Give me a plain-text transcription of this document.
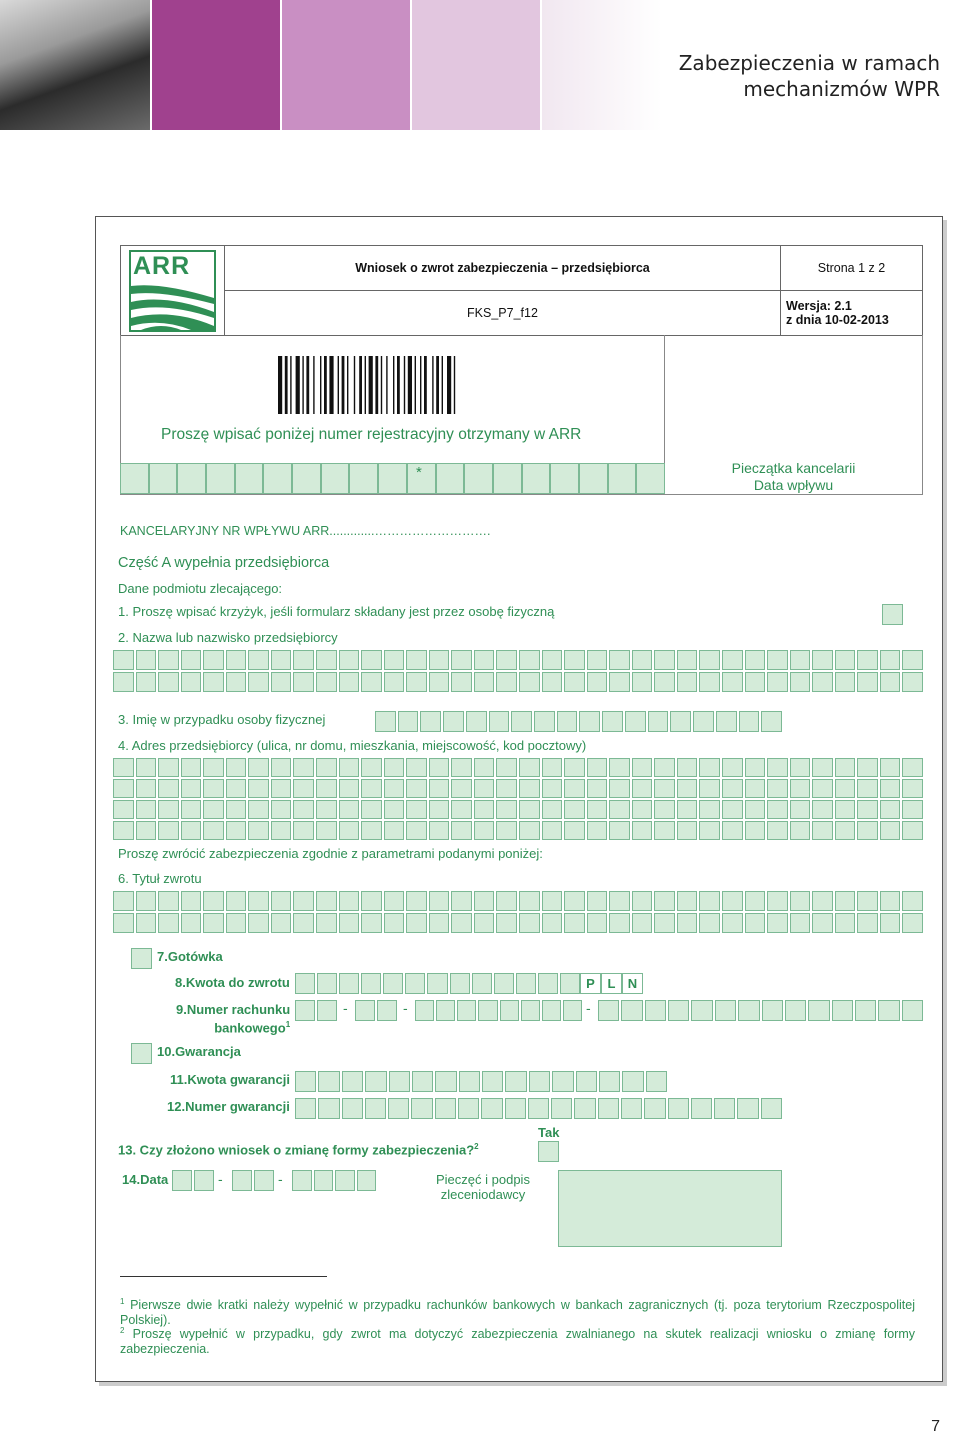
Zabezpieczenia w ramach
mechanizmów WPR
ARR	Wniosek o zwrot zabezpieczenia – przedsiębiorca	Strona 1 z 2
FKS_P7_f12	Wersja: 2.1
z dnia 10-02-2013
Proszę wpisać poniżej numer rejestracyjny otrzymany w ARR
*	Pieczątka kancelarii
Data wpływu
KANCELARYJNY NR WPŁYWU ARR.............……………………….
Część A wypełnia przedsiębiorca
Dane podmiotu zlecającego:
1. Proszę wpisać krzyżyk, jeśli formularz składany jest przez osobę fizyczną
2. Nazwa lub nazwisko przedsiębiorcy
3. Imię w przypadku osoby fizycznej
4. Adres przedsiębiorcy (ulica, nr domu, mieszkania, miejscowość, kod pocztowy)
Proszę zwrócić zabezpieczenia zgodnie z parametrami podanymi poniżej:
6. Tytuł zwrotu
7.Gotówka
8.Kwota do zwrotu	P L N
9.Numer rachunku
bankowego$^1$
-	-	-
10.Gwarancja
11.Kwota gwarancji
12.Numer gwarancji
Tak
13. Czy złożono wniosek o zmianę formy zabezpieczenia?$^2$
14.Data	-	-	Pieczęć i podpis
zleceniodawcy
$^1$ Pierwsze dwie kratki należy wypełnić w przypadku rachunków bankowych w bankach zagranicznych (tj. poza terytorium Rzeczpospolitej Polskiej).
$^2$ Proszę wypełnić w przypadku, gdy zwrot ma dotyczyć zabezpieczenia zwalnianego na skutek realizacji wniosku o zmianę formy zabezpieczenia.
7
